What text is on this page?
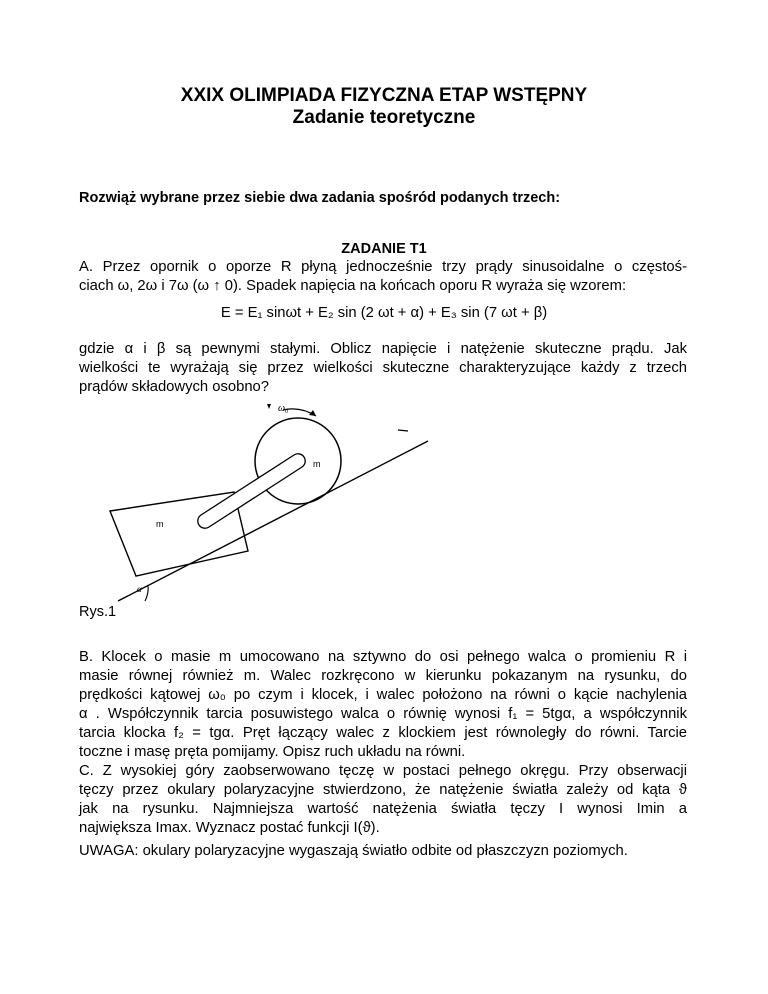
XXIX OLIMPIADA FIZYCZNA ETAP WSTĘPNY
Zadanie teoretyczne
Rozwiąż wybrane przez siebie dwa zadania spośród podanych trzech:
ZADANIE T1
A. Przez opornik o oporze R płyną jednocześnie trzy prądy sinusoidalne o częstoś-
ciach ω, 2ω i 7ω (ω ↑ 0). Spadek napięcia na końcach oporu R wyraża się wzorem:
E = E₁ sinωt + E₂ sin (2 ωt + α) + E₃ sin (7 ωt + β)
gdzie α i β są pewnymi stałymi. Oblicz napięcie i natężenie skuteczne prądu. Jak
wielkości te wyrażają się przez wielkości skuteczne charakteryzujące każdy z trzech
prądów składowych osobno?
ω₀
m
m
α
Rys.1
B. Klocek o masie m umocowano na sztywno do osi pełnego walca o promieniu R i
masie równej również m. Walec rozkręcono w kierunku pokazanym na rysunku, do
prędkości kątowej ω₀ po czym i klocek, i walec położono na równi o kącie nachylenia
α . Współczynnik tarcia posuwistego walca o równię wynosi f₁ = 5tgα, a współczynnik
tarcia klocka f₂ = tgα. Pręt łączący walec z klockiem jest równoległy do równi. Tarcie
toczne i masę pręta pomijamy. Opisz ruch układu na równi.
C. Z wysokiej góry zaobserwowano tęczę w postaci pełnego okręgu. Przy obserwacji
tęczy przez okulary polaryzacyjne stwierdzono, że natężenie światła zależy od kąta ϑ
jak na rysunku. Najmniejsza wartość natężenia światła tęczy I wynosi Imin a
największa Imax. Wyznacz postać funkcji I(ϑ).
UWAGA: okulary polaryzacyjne wygaszają światło odbite od płaszczyzn poziomych.
